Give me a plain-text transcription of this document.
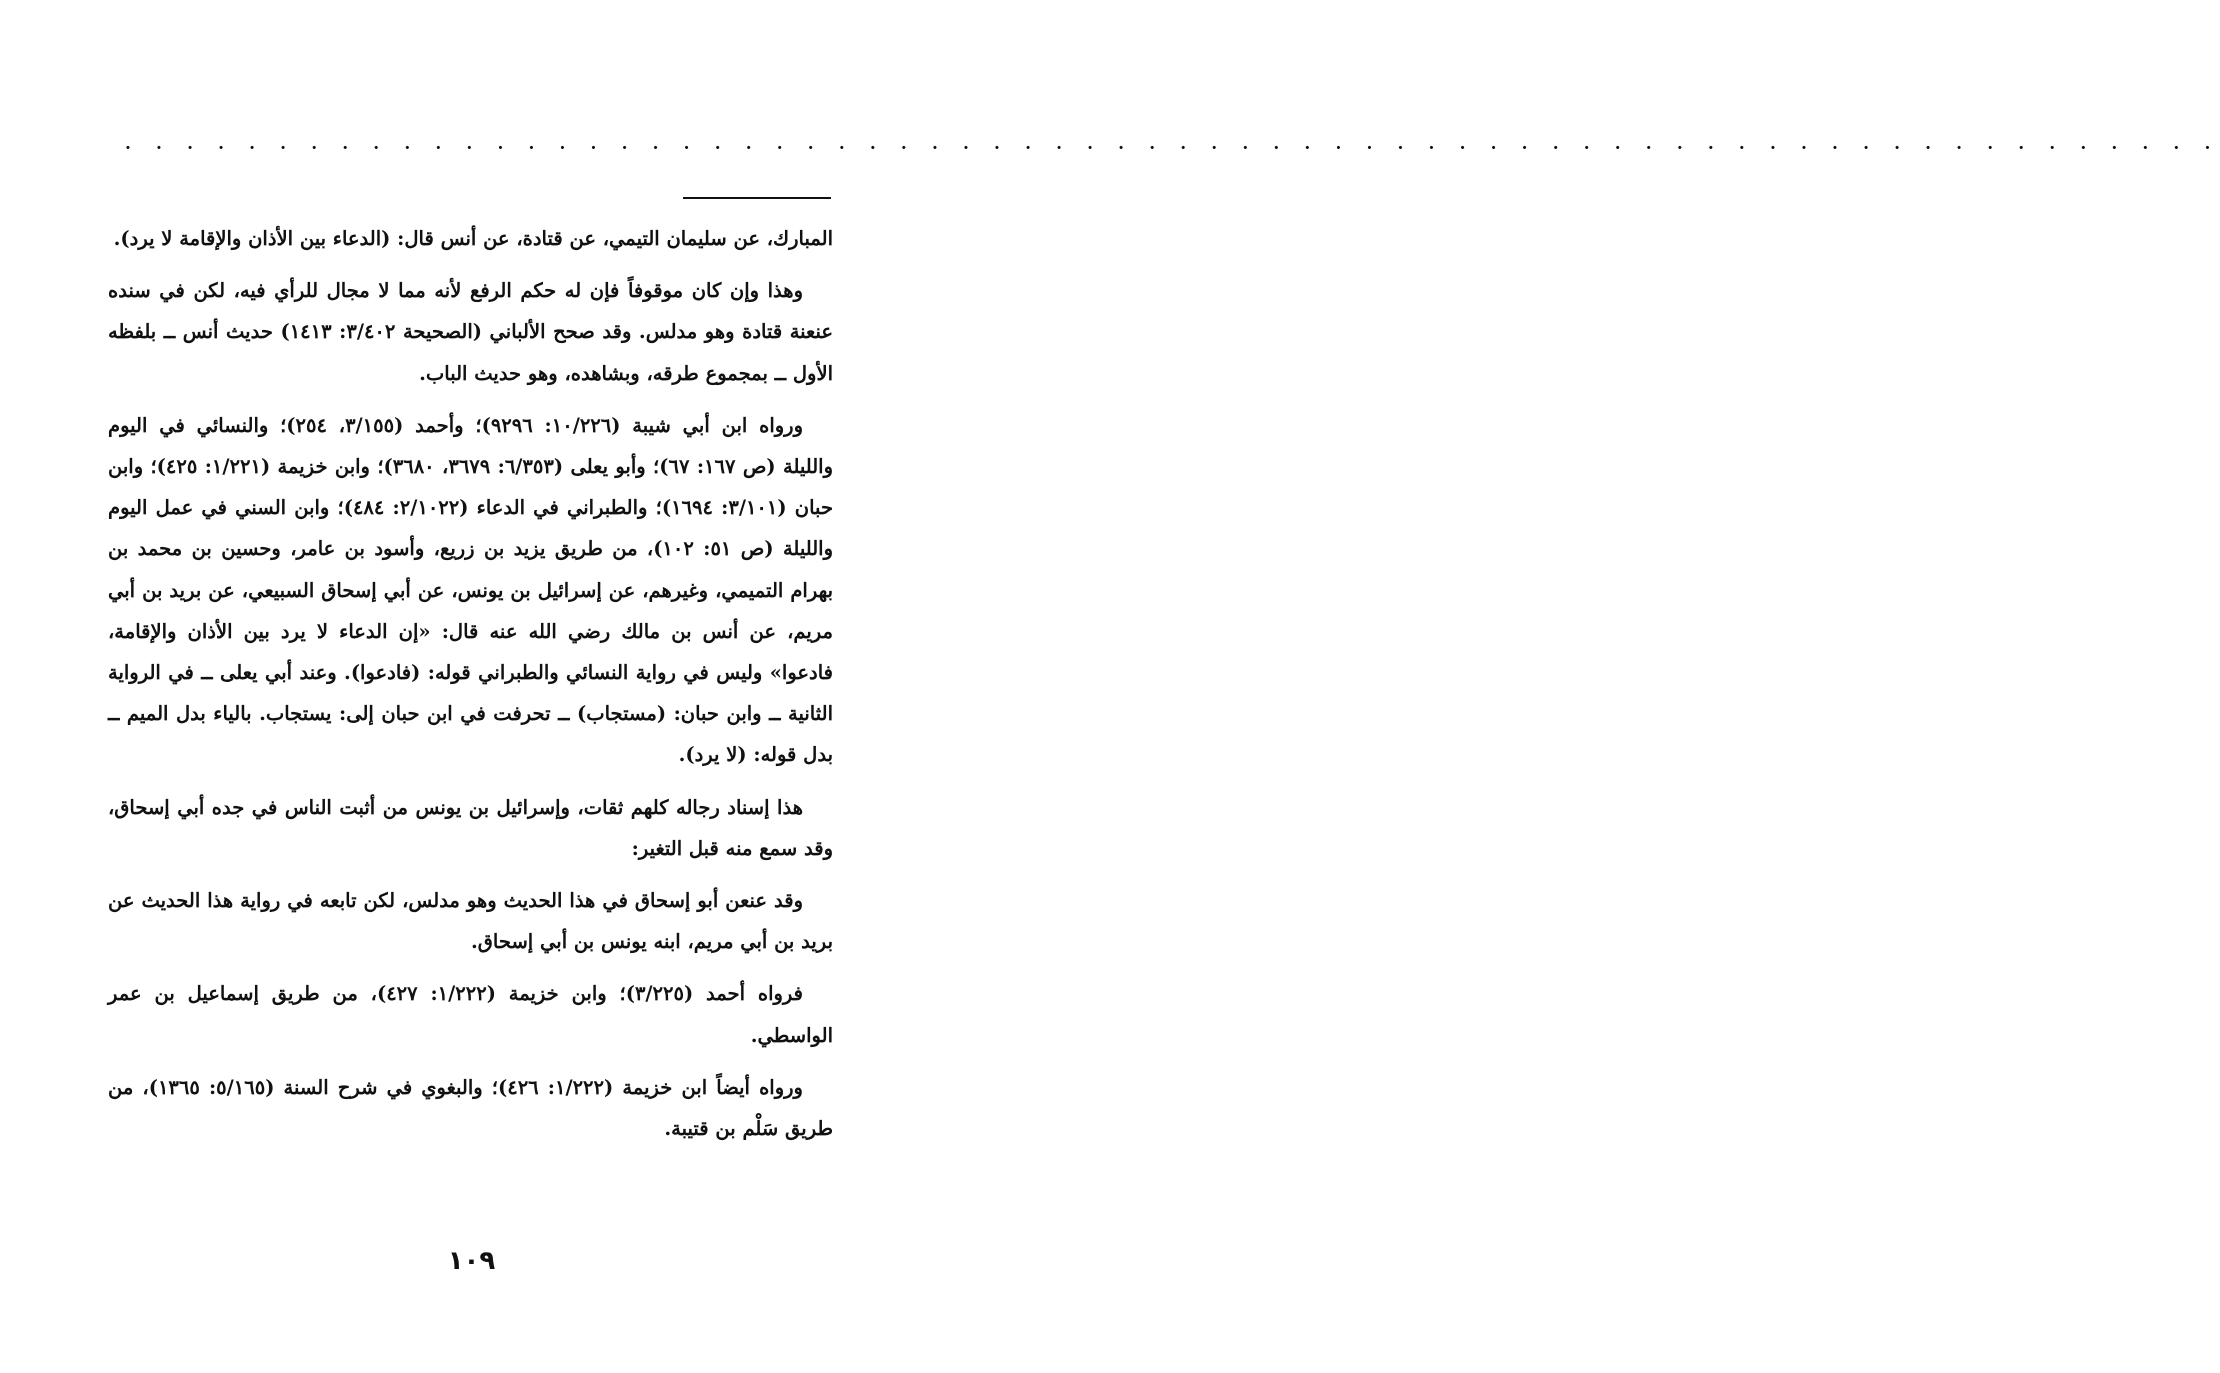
. . . . . . . . . . . . . . . . . . . . . . . . . . . . . . . . . . . . . . . . . . . . . . . . . . . . . . . . . . . . . . . . . . . .

المبارك، عن سليمان التيمي، عن قتادة، عن أنس قال: (الدعاء بين الأذان والإقامة لا يرد).

وهذا وإن كان موقوفاً فإن له حكم الرفع لأنه مما لا مجال للرأي فيه، لكن في سنده عنعنة قتادة وهو مدلس. وقد صحح الألباني (الصحيحة ٣/٤٠٢: ١٤١٣) حديث أنس ــ بلفظه الأول ــ بمجموع طرقه، وبشاهده، وهو حديث الباب.

ورواه ابن أبي شيبة (١٠/٢٢٦: ٩٢٩٦)؛ وأحمد (٣/١٥٥، ٢٥٤)؛ والنسائي في اليوم والليلة (ص ١٦٧: ٦٧)؛ وأبو يعلى (٦/٣٥٣: ٣٦٧٩، ٣٦٨٠)؛ وابن خزيمة (١/٢٢١: ٤٢٥)؛ وابن حبان (٣/١٠١: ١٦٩٤)؛ والطبراني في الدعاء (٢/١٠٢٢: ٤٨٤)؛ وابن السني في عمل اليوم والليلة (ص ٥١: ١٠٢)، من طريق يزيد بن زريع، وأسود بن عامر، وحسين بن محمد بن بهرام التميمي، وغيرهم، عن إسرائيل بن يونس، عن أبي إسحاق السبيعي، عن بريد بن أبي مريم، عن أنس بن مالك رضي الله عنه قال: «إن الدعاء لا يرد بين الأذان والإقامة، فادعوا» وليس في رواية النسائي والطبراني قوله: (فادعوا). وعند أبي يعلى ــ في الرواية الثانية ــ وابن حبان: (مستجاب) ــ تحرفت في ابن حبان إلى: يستجاب. بالياء بدل الميم ــ بدل قوله: (لا يرد).

هذا إسناد رجاله كلهم ثقات، وإسرائيل بن يونس من أثبت الناس في جده أبي إسحاق، وقد سمع منه قبل التغير:

وقد عنعن أبو إسحاق في هذا الحديث وهو مدلس، لكن تابعه في رواية هذا الحديث عن بريد بن أبي مريم، ابنه يونس بن أبي إسحاق.

فرواه أحمد (٣/٢٢٥)؛ وابن خزيمة (١/٢٢٢: ٤٢٧)، من طريق إسماعيل بن عمر الواسطي.

ورواه أيضاً ابن خزيمة (١/٢٢٢: ٤٢٦)؛ والبغوي في شرح السنة (٥/١٦٥: ١٣٦٥)، من طريق سَلْم بن قتيبة.

١٠٩
